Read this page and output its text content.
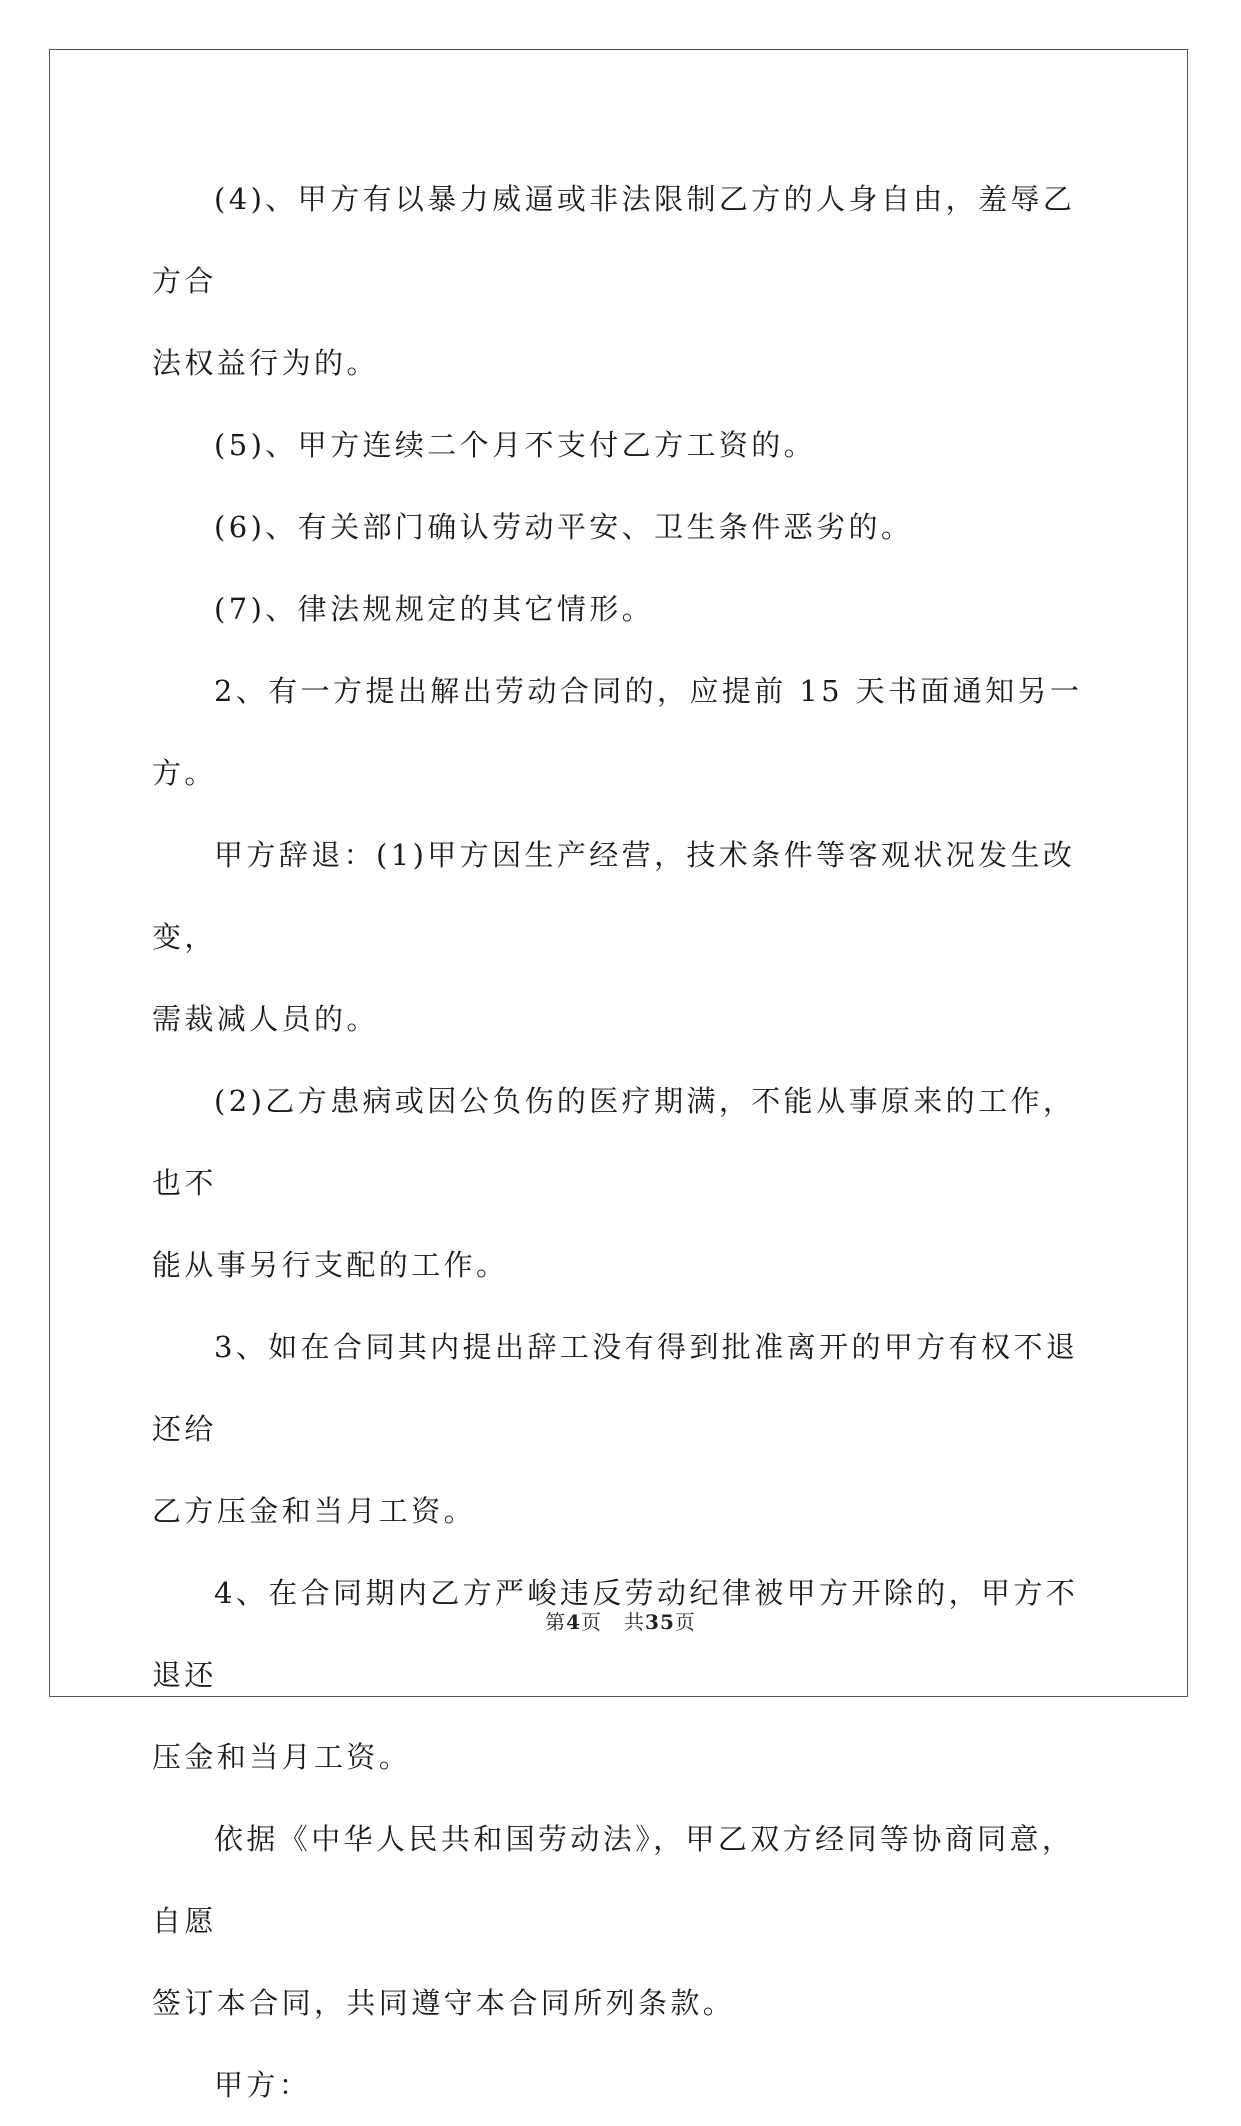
(4)、甲方有以暴力威逼或非法限制乙方的人身自由，羞辱乙方合
法权益行为的。

(5)、甲方连续二个月不支付乙方工资的。

(6)、有关部门确认劳动平安、卫生条件恶劣的。

(7)、律法规规定的其它情形。

2、有一方提出解出劳动合同的，应提前 15 天书面通知另一方。

甲方辞退：(1)甲方因生产经营，技术条件等客观状况发生改变，
需裁减人员的。

(2)乙方患病或因公负伤的医疗期满，不能从事原来的工作，也不
能从事另行支配的工作。

3、如在合同其内提出辞工没有得到批准离开的甲方有权不退还给
乙方压金和当月工资。

4、在合同期内乙方严峻违反劳动纪律被甲方开除的，甲方不退还
压金和当月工资。

依据《中华人民共和国劳动法》，甲乙双方经同等协商同意，自愿
签订本合同，共同遵守本合同所列条款。

甲方：

第4页 共35页
